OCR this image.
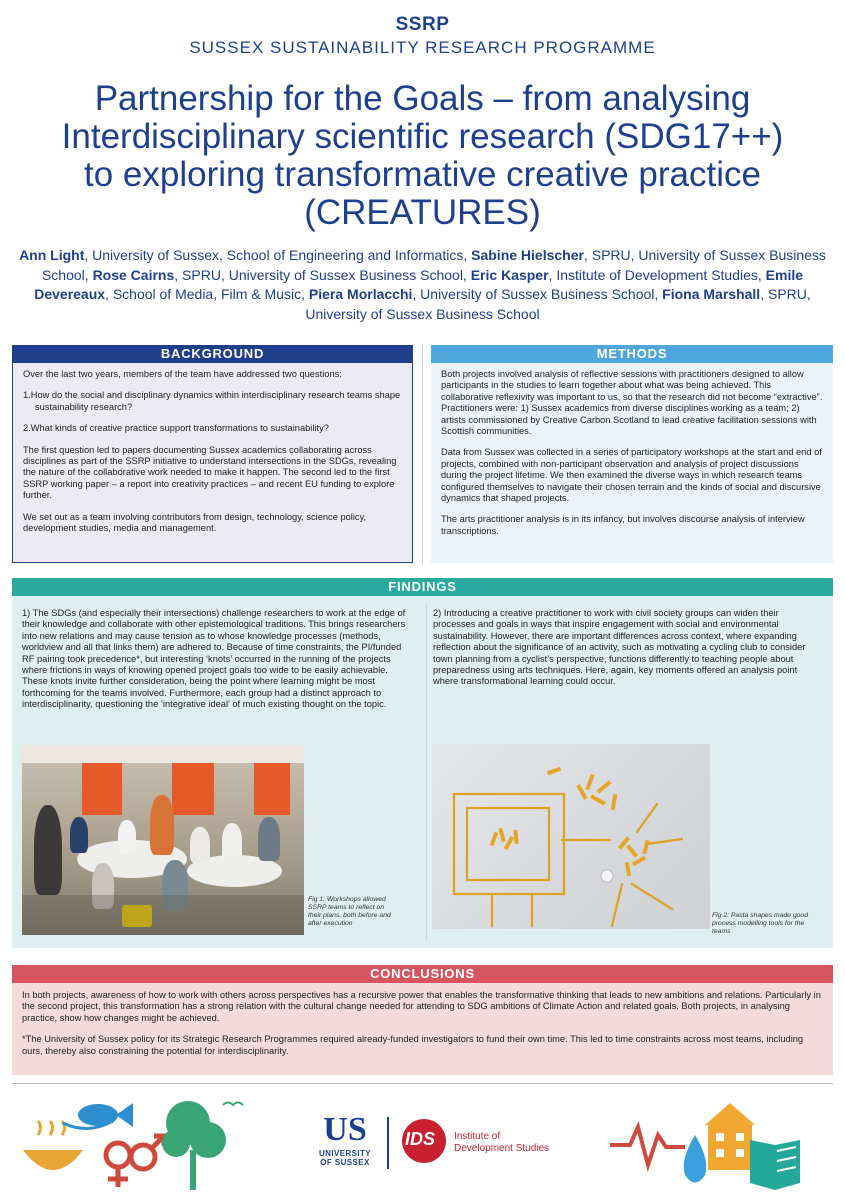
SSRP
SUSSEX SUSTAINABILITY RESEARCH PROGRAMME
Partnership for the Goals – from analysing
Interdisciplinary scientific research (SDG17++)
to exploring transformative creative practice
(CREATURES)
Ann Light, University of Sussex, School of Engineering and Informatics, Sabine Hielscher, SPRU, University of Sussex Business School, Rose Cairns, SPRU, University of Sussex Business School, Eric Kasper, Institute of Development Studies, Emile Devereaux, School of Media, Film & Music, Piera Morlacchi, University of Sussex Business School, Fiona Marshall, SPRU, University of Sussex Business School
BACKGROUND

Over the last two years, members of the team have addressed two questions:

1.How do the social and disciplinary dynamics within interdisciplinary research teams shape sustainability research?

2.What kinds of creative practice support transformations to sustainability?

The first question led to papers documenting Sussex academics collaborating across disciplines as part of the SSRP initiative to understand intersections in the SDGs, revealing the nature of the collaborative work needed to make it happen. The second led to the first SSRP working paper – a report into creativity practices – and recent EU funding to explore further.

We set out as a team involving contributors from design, technology, science policy, development studies, media and management.

METHODS

Both projects involved analysis of reflective sessions with practitioners designed to allow participants in the studies to learn together about what was being achieved. This collaborative reflexivity was important to us, so that the research did not become “extractive”. Practitioners were: 1) Sussex academics from diverse disciplines working as a team; 2) artists commissioned by Creative Carbon Scotland to lead creative facilitation sessions with Scottish communities.

Data from Sussex was collected in a series of participatory workshops at the start and end of projects, combined with non-participant observation and analysis of project discussions during the project lifetime. We then examined the diverse ways in which research teams configured themselves to navigate their chosen terrain and the kinds of social and discursive dynamics that shaped projects.

The arts practitioner analysis is in its infancy, but involves discourse analysis of interview transcriptions.

FINDINGS
1) The SDGs (and especially their intersections) challenge researchers to work at the edge of their knowledge and collaborate with other epistemological traditions. This brings researchers into new relations and may cause tension as to whose knowledge processes (methods, worldview and all that links them) are adhered to. Because of time constraints, the PI/funded RF pairing took precedence*, but interesting ‘knots’ occurred in the running of the projects where frictions in ways of knowing opened project goals too wide to be easily achievable. These knots invite further consideration, being the point where learning might be most forthcoming for the teams involved. Furthermore, each group had a distinct approach to interdisciplinarity, questioning the ‘integrative ideal’ of much existing thought on the topic.
2) Introducing a creative practitioner to work with civil society groups can widen their processes and goals in ways that inspire engagement with social and environmental sustainability. However, there are important differences across context, where expanding reflection about the significance of an activity, such as motivating a cycling club to consider town planning from a cyclist’s perspective, functions differently to teaching people about preparedness using arts techniques. Here, again, key moments offered an analysis point where transformational learning could occur.
Fig 1: Workshops allowed SSRP teams to reflect on their plans, both before and after execution
Fig 2: Pasta shapes made good process modelling tools for the teams
CONCLUSIONS

In both projects, awareness of how to work with others across perspectives has a recursive power that enables the transformative thinking that leads to new ambitions and relations. Particularly in the second project, this transformation has a strong relation with the cultural change needed for attending to SDG ambitions of Climate Action and related goals. Both projects, in analysing practice, show how changes might be achieved.

*The University of Sussex policy for its Strategic Research Programmes required already-funded investigators to fund their own time. This led to time constraints across most teams, including ours, thereby also constraining the potential for interdisciplinarity.

US
UNIVERSITY
OF SUSSEX
IDS	Institute of
Development Studies
